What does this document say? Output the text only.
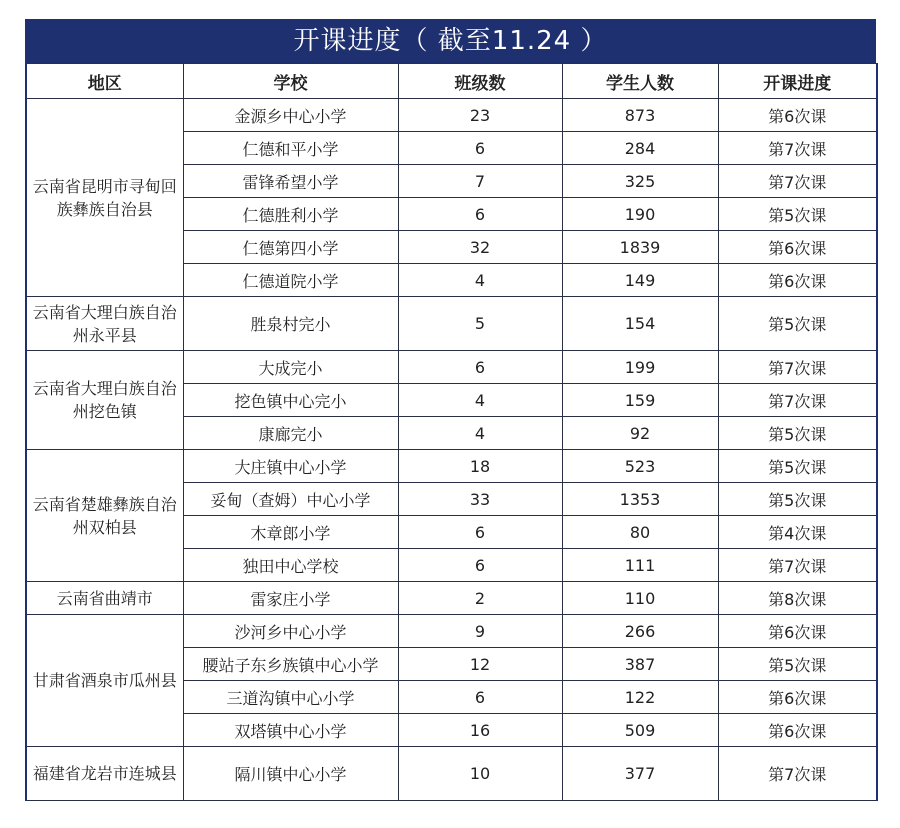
开课进度（ 截至11.24 ）
地区	学校	班级数	学生人数	开课进度
云南省昆明市寻甸回族彝族自治县	金源乡中心小学	23	873	第6次课
	仁德和平小学	6	284	第7次课
	雷锋希望小学	7	325	第7次课
	仁德胜利小学	6	190	第5次课
	仁德第四小学	32	1839	第6次课
	仁德道院小学	4	149	第6次课
云南省大理白族自治州永平县	胜泉村完小	5	154	第5次课
云南省大理白族自治州挖色镇	大成完小	6	199	第7次课
	挖色镇中心完小	4	159	第7次课
	康廊完小	4	92	第5次课
云南省楚雄彝族自治州双柏县	大庄镇中心小学	18	523	第5次课
	妥甸（查姆）中心小学	33	1353	第5次课
	木章郎小学	6	80	第4次课
	独田中心学校	6	111	第7次课
云南省曲靖市	雷家庄小学	2	110	第8次课
甘肃省酒泉市瓜州县	沙河乡中心小学	9	266	第6次课
	腰站子东乡族镇中心小学	12	387	第5次课
	三道沟镇中心小学	6	122	第6次课
	双塔镇中心小学	16	509	第6次课
福建省龙岩市连城县	隔川镇中心小学	10	377	第7次课
